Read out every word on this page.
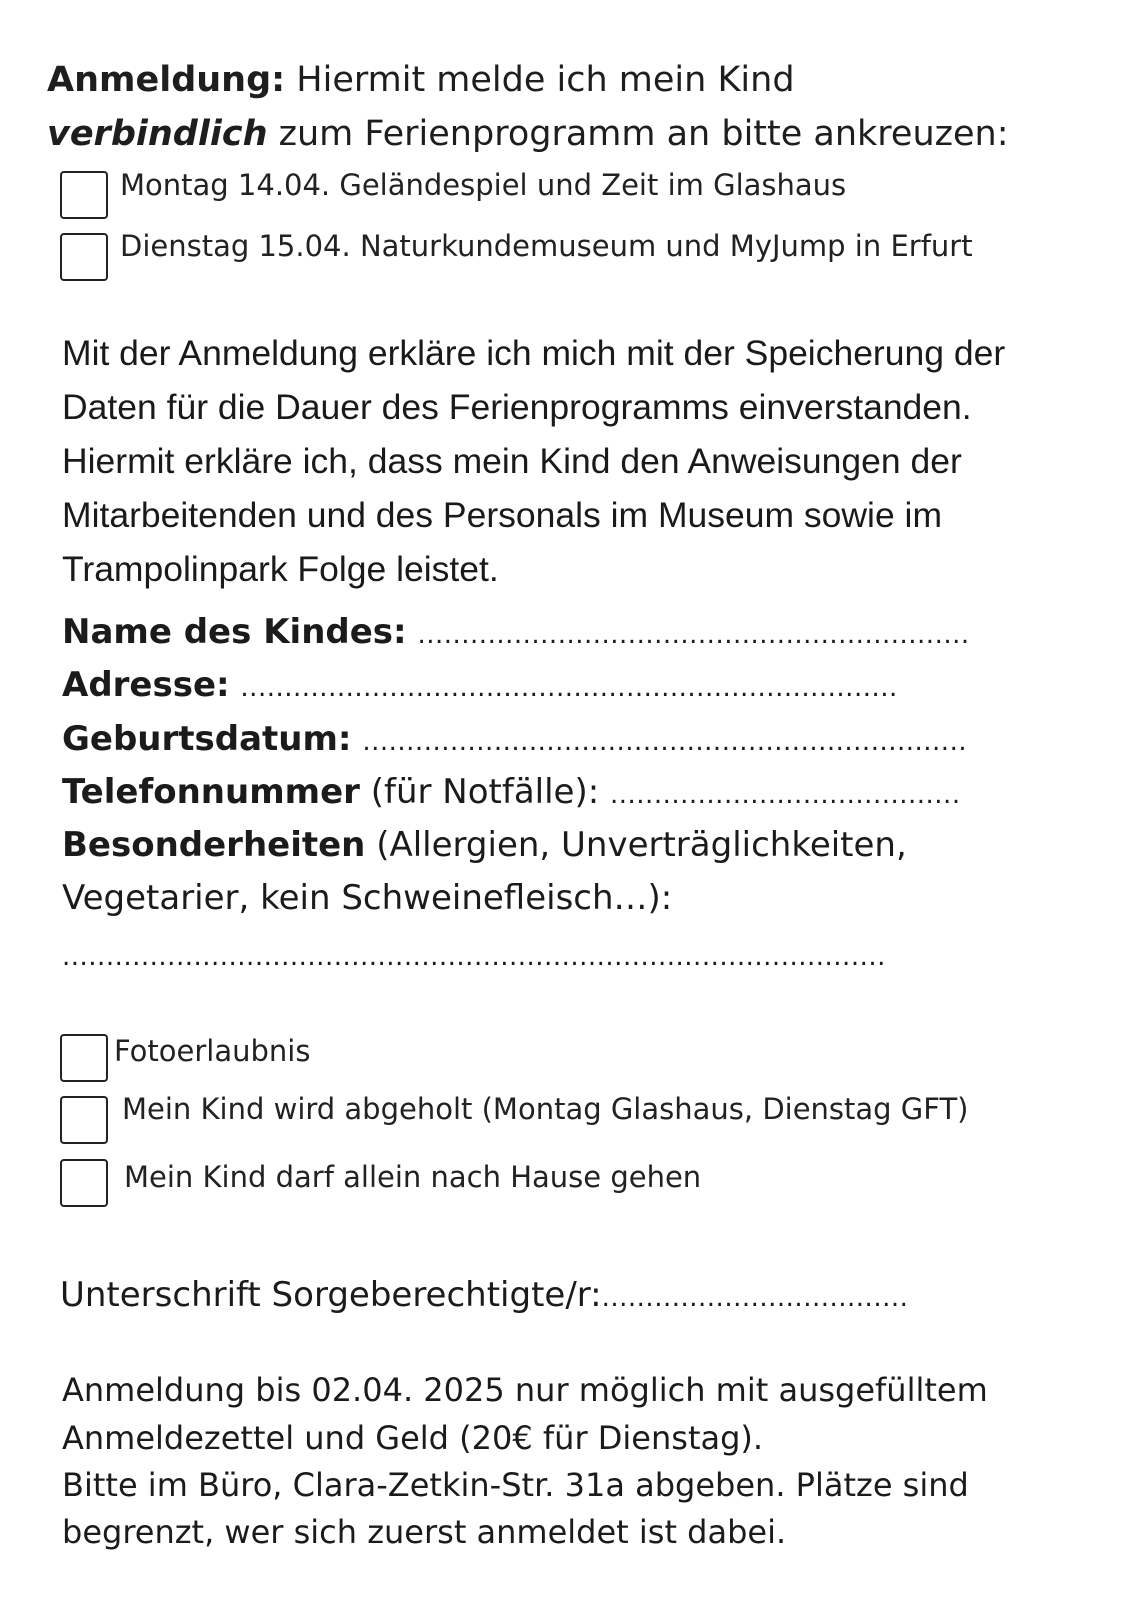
Anmeldung: Hiermit melde ich mein Kind
verbindlich zum Ferienprogramm an bitte ankreuzen:
Montag 14.04. Geländespiel und Zeit im Glashaus
Dienstag 15.04. Naturkundemuseum und MyJump in Erfurt

Mit der Anmeldung erkläre ich mich mit der Speicherung der Daten für die Dauer des Ferienprogramms einverstanden. Hiermit erkläre ich, dass mein Kind den Anweisungen der Mitarbeitenden und des Personals im Museum sowie im Trampolinpark Folge leistet.

Name des Kindes: ...............................................................
Adresse: ...........................................................................
Geburtsdatum: .....................................................................
Telefonnummer (für Notfälle): ........................................
Besonderheiten (Allergien, Unverträglichkeiten,
Vegetarier, kein Schweinefleisch…):
..............................................................................................
Fotoerlaubnis
Mein Kind wird abgeholt (Montag Glashaus, Dienstag GFT)
Mein Kind darf allein nach Hause gehen
Unterschrift Sorgeberechtigte/r:...................................
Anmeldung bis 02.04. 2025 nur möglich mit ausgefülltem
Anmeldezettel und Geld (20€ für Dienstag).
Bitte im Büro, Clara-Zetkin-Str. 31a abgeben. Plätze sind
begrenzt, wer sich zuerst anmeldet ist dabei.
